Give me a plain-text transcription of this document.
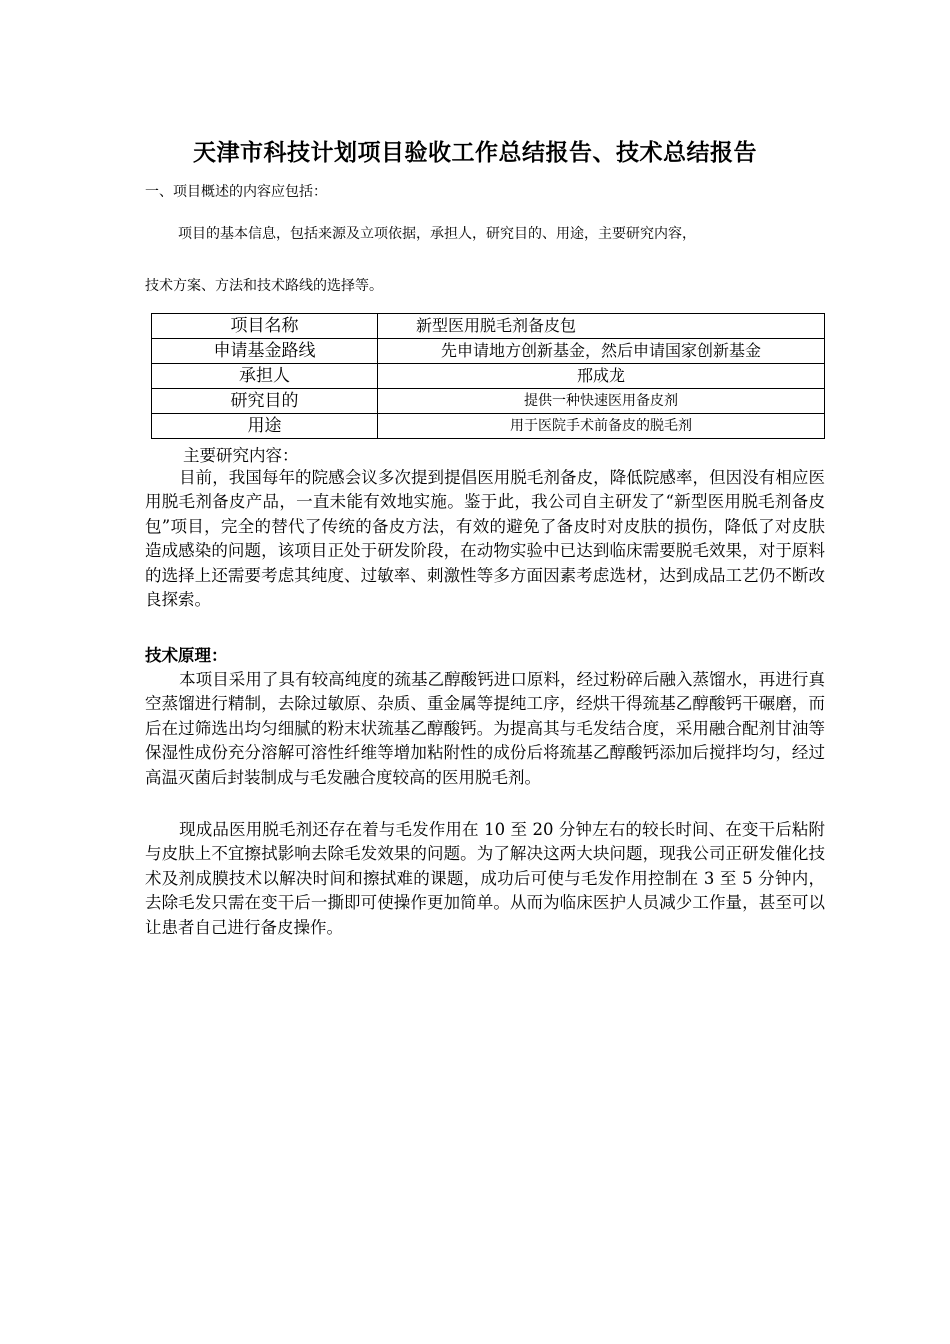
天津市科技计划项目验收工作总结报告、技术总结报告
一、项目概述的内容应包括：
项目的基本信息，包括来源及立项依据，承担人，研究目的、用途，主要研究内容，
技术方案、方法和技术路线的选择等。
项目名称	新型医用脱毛剂备皮包
申请基金路线	先申请地方创新基金，然后申请国家创新基金
承担人	邢成龙
研究目的	提供一种快速医用备皮剂
用途	用于医院手术前备皮的脱毛剂
主要研究内容：
目前，我国每年的院感会议多次提到提倡医用脱毛剂备皮，降低院感率，但因没有相应医用脱毛剂备皮产品，一直未能有效地实施。鉴于此，我公司自主研发了“新型医用脱毛剂备皮包”项目，完全的替代了传统的备皮方法，有效的避免了备皮时对皮肤的损伤，降低了对皮肤造成感染的问题，该项目正处于研发阶段，在动物实验中已达到临床需要脱毛效果，对于原料的选择上还需要考虑其纯度、过敏率、刺激性等多方面因素考虑选材，达到成品工艺仍不断改良探索。
技术原理：
本项目采用了具有较高纯度的巯基乙醇酸钙进口原料，经过粉碎后融入蒸馏水，再进行真空蒸馏进行精制，去除过敏原、杂质、重金属等提纯工序，经烘干得巯基乙醇酸钙干碾磨，而后在过筛选出均匀细腻的粉末状巯基乙醇酸钙。为提高其与毛发结合度，采用融合配剂甘油等保湿性成份充分溶解可溶性纤维等增加粘附性的成份后将巯基乙醇酸钙添加后搅拌均匀，经过高温灭菌后封装制成与毛发融合度较高的医用脱毛剂。
现成品医用脱毛剂还存在着与毛发作用在 10 至 20 分钟左右的较长时间、在变干后粘附与皮肤上不宜擦拭影响去除毛发效果的问题。为了解决这两大块问题，现我公司正研发催化技术及剂成膜技术以解决时间和擦拭难的课题，成功后可使与毛发作用控制在 3 至 5 分钟内，去除毛发只需在变干后一撕即可使操作更加简单。从而为临床医护人员减少工作量，甚至可以让患者自己进行备皮操作。
